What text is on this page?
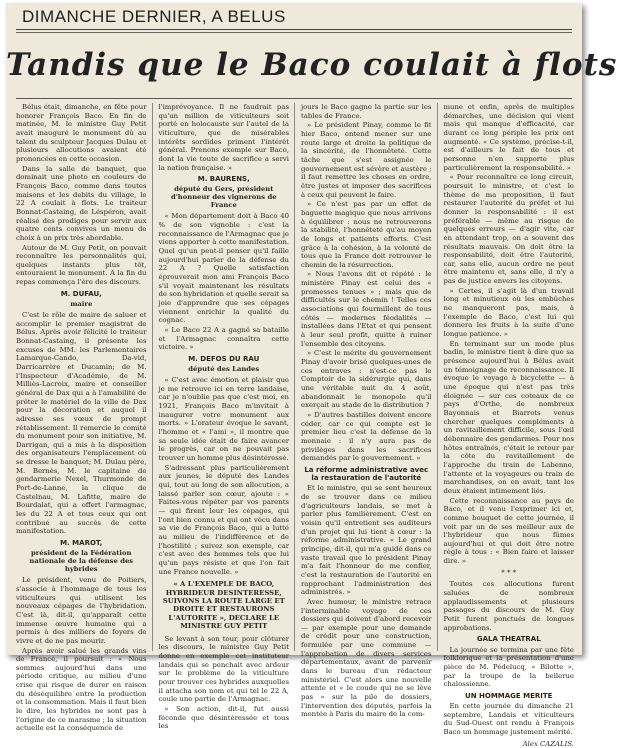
DIMANCHE DERNIER, A BELUS
Tandis que le Baco coulait à flots

Bélus était, dimanche, en fête pour honorer François Baco. En fin de matinée, M. le ministre Guy Petit avait inauguré le monument dû au talent du sculpteur Jacques Dulau et plusieurs allocutions avaient été prononcées en cette occasion.

Dans la salle de banquet, que dominait une photo en couleurs de François Baco, comme dans toutes maisons et les debits du village, le 22 A coulait à flots. Le traiteur Bonnat-Castaing, de Léspéron, avait réalisé des prodiges pour servir aux quatre cents convives un menu de choix à un prix très abordable.

Autour de M. Guy Petit, on pouvait reconnaître les personnalités qui, quelques instants plus tôt, entouraient le monument. A la fin du repas commença l'ère des discours.

M. DUFAU,
maire

C'est le rôle de maire de saluer et accomplir le premier magistrat de Bélus. Après avoir félicité le traiteur Bonnat-Castaing, il présente les excuses de MM. les Parlementaires Lamarque-Cando, Da-vid, Darricarrère et Ducamin; de M. l'Inspecteur d'Académie, de M. Milliès-Lacroix, maire et conseiller général de Dax qui a à l'amabilité de prêter le matériel de la ville de Dax pour la décoration et auquel il adresse ses vœux de prompt rétablissement. Il remercie le comité du monument pour son initiative, M. Darrigan, qui a mis à la disposition des organisateurs l'emplacement où se dresse le banquet; M. Dulau père, M. Bernès, M. le capitaine de gendarmerie Nexel, Thurmonde de Port-de-Lanne, la clique de Castelnau, M. Lafitte, maire de Bourdalat, qui a offert l'armagnac, les du 22 A et tous ceux qui ont contribué au succès de cette manifestation.

M. MAROT,
président de la Fédération nationale de la défense des hybrides

Le président, venu de Poitiers, s'associe à l'hommage de tous les viticulteurs qui utilisent les nouveaux cépages de l'hybridation. C'est là, dit-il, qu'apparaît cette immense œuvre humaine qui a permis à des milliers de foyers de vivre et de ne pas mourir.

Après avoir salué les grands vins de France, il poursuit : « Nous sommes aujourd'hui dans une période critique, au milieu d'une crise qui risque de durer en raison du déséquilibre entre la production et la consommation. Mais il faut bien le dire, les hybrides ne sont pas à l'origine de ce marasme ; la situation actuelle est la conséquence de

l'imprévoyance. Il ne faudrait pas qu'un million de viticulteurs soit porté en holocauste sur l'autel de la viticulture, que de misérables intérêts sordides priment l'intérêt général. Prenons exemple sur Baco, dont la vie toute de sacrifice a servi la nation française. »

M. BAURENS,
député du Gers, président d'honneur des vignerons de France

« Mon département doit à Baco 40 % de son vignoble : c'est la reconnaissance de l'Armagnac que je viens apporter à cette manifestation. Quel qu'un peut-il penser qu'il faille aujourd'hui parler de la défense du 22 A ? Quelle satisfaction éprouverait mon ami François Baco s'il voyait maintenant les résultats de son hybridation et quelle serait sa joie d'apprendre que ses cépages viennent enrichir la qualité du cognac.

« Le Baco 22 A a gagné sa bataille et l'Armagnac connaîtra cette victoire. »

M. DEFOS DU RAU
député des Landes

« C'est avec émotion et plaisir que je me retrouve ici en terre landaise, car je n'oublie pas que c'est moi, en 1921, François Baco m'invitait à inaugurer votre monument aux morts. » L'orateur évoque le savant, l'homme et « l'ami », il montre que sa seule idée était de faire avancer le progrès, car on ne pouvait pas trouver un homme plus désintéressé.

S'adressant plus particulièrement aux jeunes, le député des Landes qui, tout au long de son allocution, a laissé parler son cœur, ajoute : « Faites-vous répéter par vos parents — qui firent leur les cépages, qui l'ont bien connu et qui ont vécu dans sa vie de François Baco, qui a lutté au milieu de l'indifférence et de l'hostilité ; suivez son exemple, car c'est avec des hommes tels que lui qu'un pays résiste et que l'on fait une France nouvelle. »

« A L'EXEMPLE DE BACO, HYBRIDEUR DESINTERESSE, SUIVONS LA ROUTE LARGE ET DROITE ET RESTAURONS L'AUTORITE », DECLARE LE MINISTRE GUY PETIT

Se levant à son tour, pour clôturer les discours, le ministre Guy Petit donne en exemple cet instituteur landais qui se penchait avec ardeur sur le problème de la viticulture pour trouver ces hybrides auxquelles il attacha son nom et qui tel le 22 A, coule une partie de l'Armagnac.

« Son action, dit-il, fut aussi féconde que désintéressée et tous les

jours le Baco gagne la partie sur les tables de France.

» Le président Pinay, comme le fit hier Baco, entend mener sur une route large et droite la politique de la sincérité, de l'honnêteté. Cette tâche que s'est assignée le gouvernement est sévère et austère ; il faut remettre les choses en ordre, être justes et imposer des sacrifices à ceux qui peuvent le faire.

» Ce n'est pas par un effet de baguette magique que nous arrivons à équilibrer : nous ne retrouverons la stabilité, l'honnêteté qu'au moyen de longs et patients efforts. C'est grâce à la cohésion, à la volonté de tous que la France doit retrouver le chemin de la résurrection.

» Nous l'avons dit et répété : le ministère Pinay est celui des « promesses tenues » ; mais que de difficultés sur le chemin ! Telles ces associations qui fourmillent de tous côtés — modernes féodalités — installées dans l'Etat et qui pensent à leur seul profit, quitte à ruiner l'ensemble des citoyens.

» C'est le mérite du gouvernement Pinay d'avoir brisé quelques-unes de ces entraves : n'est-ce pas le Comptoir de la sidérurgie qui, dans une véritable nuit du 4 août, abandonnait le monopole qu'il exerçait au stade de la distribution ?

» D'autres bastilles doivent encore céder, car ce qui compte est le premier lieu c'est la défense de la monnaie : il n'y aura pas de privilèges dans les sacrifices demandés par le gouvernement. »

La réforme administrative avec la restauration de l'autorité

Et le ministre, qui se sent heureux de se trouver dans ce milieu d'agriculteurs landais, se met à parler plus familièrement. C'est en voisin qu'il entretient ses auditeurs d'un projet qui lui tient à cœur : la réforme administrative. « Le grand principe, dit-il, qui m'a guidé dans ce vaste travail que le président Pinay m'a fait l'honneur de me confier, c'est la restauration de l'autorité en rapprochant l'administration des administrés. »

Avec humour, le ministre retrace l'interminable voyage de ces dossiers qui doivent d'abord recevoir — par exemple pour une demande de crédit pour une construction, formulée par une commune — l'approbation de divers services départementaux, avant de parvenir dans le bureau d'un rédacteur ministériel. C'est alors une nouvelle attente et « le coude qui ne se lève pas » sur la pile de dossiers, l'intervention des députés, parfois la montée à Paris du maire de la com-

mune et enfin, après de multiples démarches, une décision qui vient mais qui manque d'efficacité, car durant ce long périple les prix ont augmenté. « Ce système, précise-t-il, est d'ailleurs le fait de tous et personne n'en supporte plus particulièrement la responsabilité. »

« Pour reconnaître ce long circuit, poursuit le ministre, et c'est le thème de ma proposition, il faut restaurer l'autorité du préfet et lui donner la responsabilité : il est préférable — même au risque de quelques erreurs — d'agir vite, car en attendant trop, on a souvent des résultats mauvais. On doit être la responsabilité, doit être l'autorité, car, sans elle, aucun ordre ne peut être maintenu et, sans elle, il n'y a pas de justice envers les citoyens.

» Certes, il s'agit là d'un travail long et minutieux où les embûches ne manqueront pas, mais, à l'exemple de Baco, c'est lui qui donnera les fruits à la suite d'une longue patience. »

En terminant sur un mode plus badin, le ministre tient à dire que sa présence aujourd'hui à Bélus avait un témoignage de reconnaissance. Il évoque le voyage à bicyclette — à une époque qui n'est pas très éloignée — sur ces coteaux de ce pays d'Orthe, de nombreux Bayonnais et Biarrots venus chercher quelques compléments à un ravitaillement difficile, sous l'œil débonnaire des gendarmes. Pour nos hôtes entraînés, c'était le retour par la côte du ravitaillement de l'approche du train de Labenne, l'attente et la voyageurs ou train de marchandises, on en avait, tant les deux étaient intimement liés.

Cette reconnaissance au pays de Baco, et il venu l'exprimer ici et, comme bouquet de cette journée, il voit par un de ses meilleur aux de l'hybrideur que nous fûmes aujourd'hui et qui doit être notre règle à tous : « Bien faire et laisser dire. »

* * *

Toutes ces allocutions furent saluées de nombreux applaudissements et plusieurs passages du discours de M. Guy Petit furent ponctués de longues approbations.

GALA THEATRAL

La journée se termina par une fête folklorique et la présentation d'une pièce de M. Pédelucq, « Bilotte », par la troupe de la bellerue chalossienne.

UN HOMMAGE MERITE

En cette journée du dimanche 21 septembre, Landais et viticulteurs du Sud-Ouest ont rendu à François Baco un hommage justement mérité.

Alex CAZALIS.
